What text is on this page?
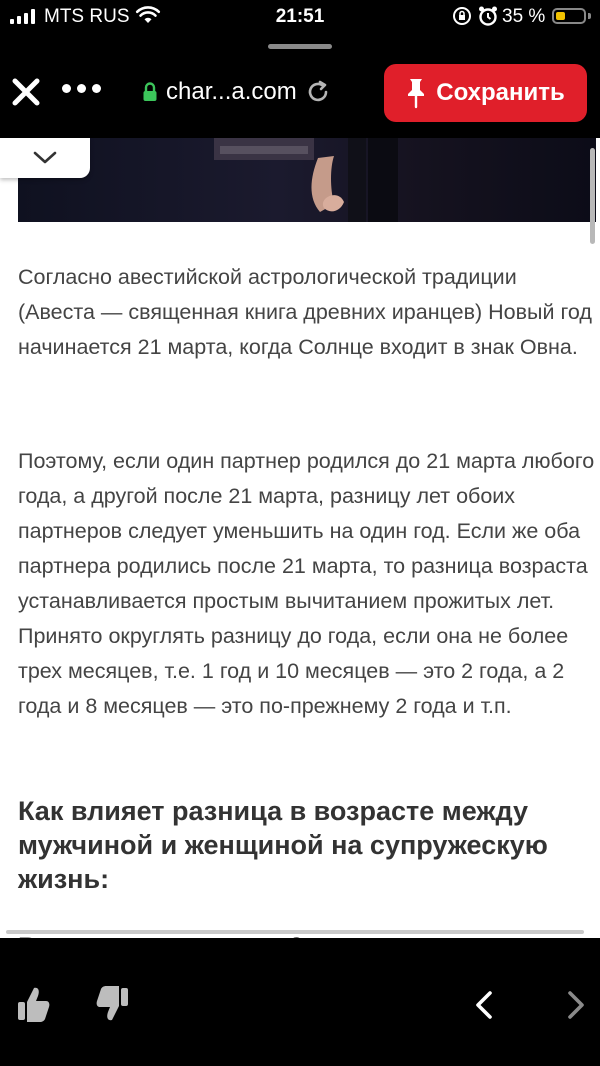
MTS RUS	21:51	35 %
char...a.com	Сохранить

Согласно авестийской астрологической традиции (Авеста — священная книга древних иранцев) Новый год начинается 21 марта, когда Солнце входит в знак Овна.

Поэтому, если один партнер родился до 21 марта любого года, а другой после 21 марта, разницу лет обоих партнеров следует уменьшить на один год. Если же оба партнера родились после 21 марта, то разница возраста устанавливается простым вычитанием прожитых лет. Принято округлять разницу до года, если она не более трех месяцев, т.е. 1 год и 10 месяцев — это 2 года, а 2 года и 8 месяцев — это по-прежнему 2 года и т.п.

Как влияет разница в возрасте между мужчиной и женщиной на супружескую жизнь:
